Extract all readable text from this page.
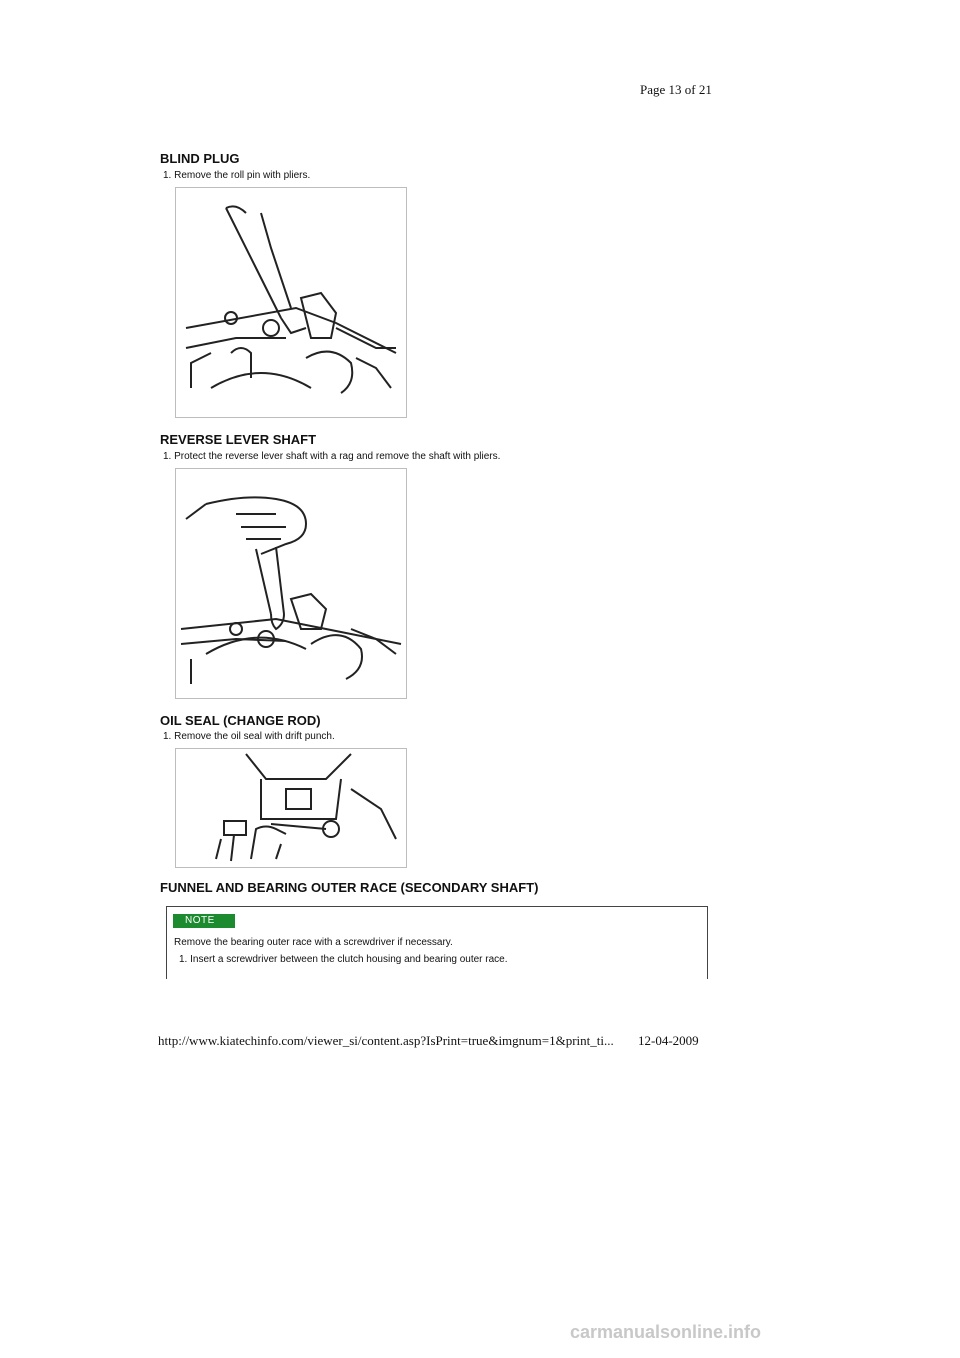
Page 13 of 21
BLIND PLUG
1. Remove the roll pin with pliers.
REVERSE LEVER SHAFT
1. Protect the reverse lever shaft with a rag and remove the shaft with pliers.
OIL SEAL (CHANGE ROD)
1. Remove the oil seal with drift punch.
FUNNEL AND BEARING OUTER RACE (SECONDARY SHAFT)
NOTE
Remove the bearing outer race with a screwdriver if necessary.
1. Insert a screwdriver between the clutch housing and bearing outer race.
http://www.kiatechinfo.com/viewer_si/content.asp?IsPrint=true&imgnum=1&print_ti... 12-04-2009
carmanualsonline.info
